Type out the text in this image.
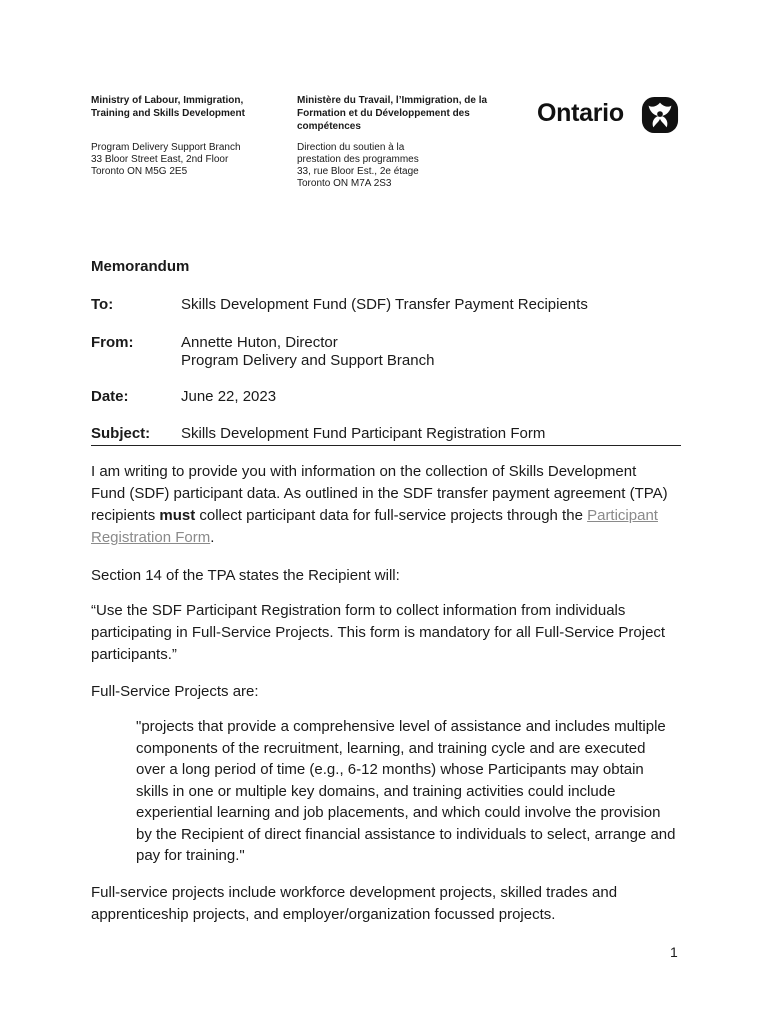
Ministry of Labour, Immigration,
Training and Skills Development
Ministère du Travail, l’Immigration, de la
Formation et du Développement des
compétences	Ontario
Program Delivery Support Branch
33 Bloor Street East, 2nd Floor
Toronto ON M5G 2E5
Direction du soutien à la
prestation des programmes
33, rue Bloor Est., 2e étage
Toronto ON M7A 2S3
Memorandum
To:	Skills Development Fund (SDF) Transfer Payment Recipients
From:	Annette Huton, Director
Program Delivery and Support Branch
Date:	June 22, 2023
Subject: Skills Development Fund Participant Registration Form
I am writing to provide you with information on the collection of Skills Development Fund (SDF) participant data. As outlined in the SDF transfer payment agreement (TPA) recipients must collect participant data for full-service projects through the Participant Registration Form.
Section 14 of the TPA states the Recipient will:
“Use the SDF Participant Registration form to collect information from individuals participating in Full-Service Projects. This form is mandatory for all Full-Service Project participants.”
Full-Service Projects are:
"projects that provide a comprehensive level of assistance and includes multiple components of the recruitment, learning, and training cycle and are executed over a long period of time (e.g., 6-12 months) whose Participants may obtain skills in one or multiple key domains, and training activities could include experiential learning and job placements, and which could involve the provision by the Recipient of direct financial assistance to individuals to select, arrange and pay for training."
Full-service projects include workforce development projects, skilled trades and apprenticeship projects, and employer/organization focussed projects.
1
